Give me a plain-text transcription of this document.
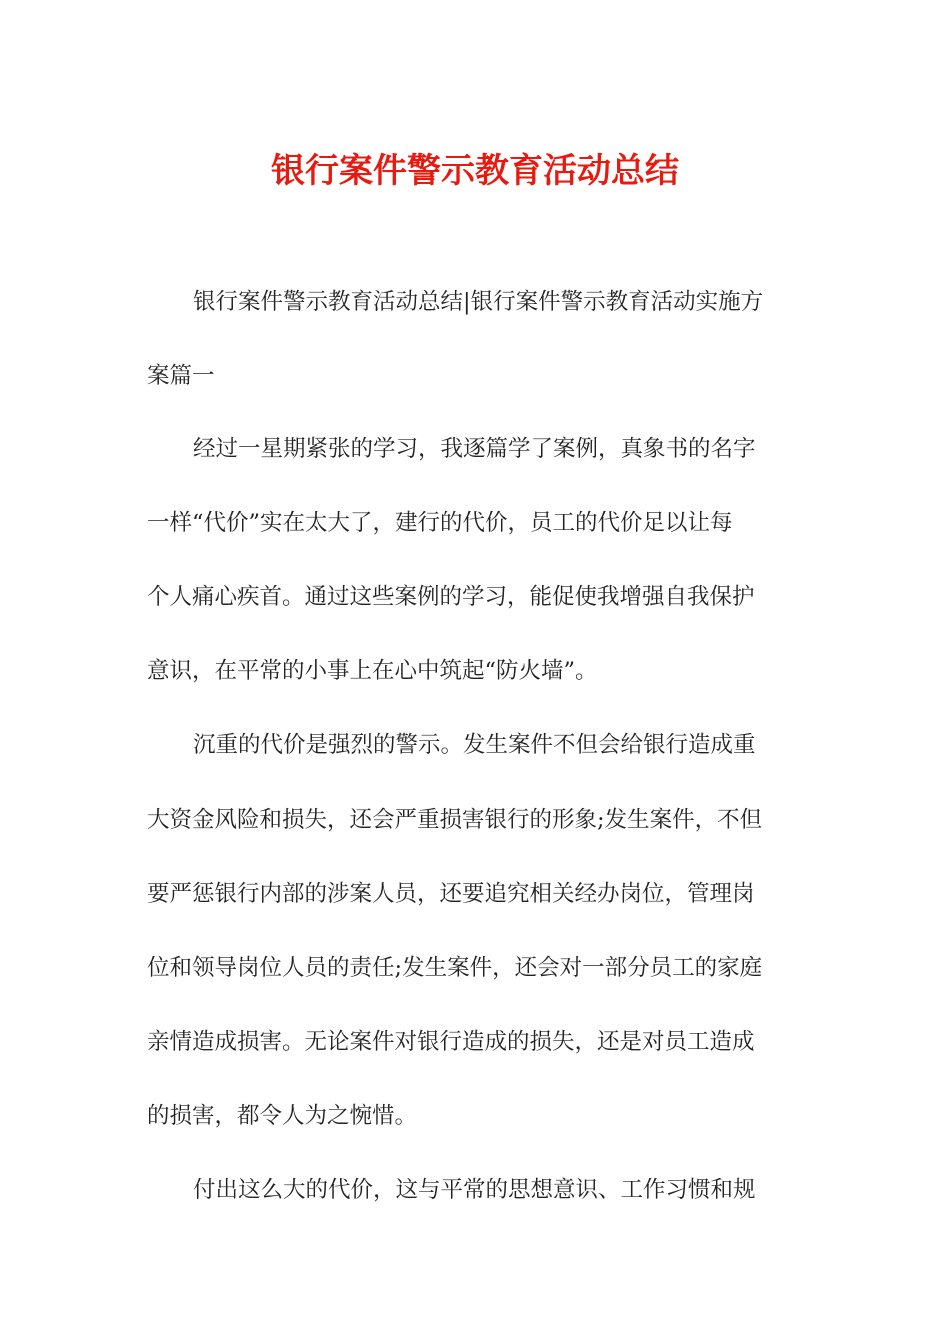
银行案件警示教育活动总结

银行案件警示教育活动总结|银行案件警示教育活动实施方

案篇一

经过一星期紧张的学习，我逐篇学了案例，真象书的名字

一样“代价”实在太大了，建行的代价，员工的代价足以让每

个人痛心疾首。通过这些案例的学习，能促使我增强自我保护

意识，在平常的小事上在心中筑起“防火墙”。

沉重的代价是强烈的警示。发生案件不但会给银行造成重

大资金风险和损失，还会严重损害银行的形象;发生案件，不但

要严惩银行内部的涉案人员，还要追究相关经办岗位，管理岗

位和领导岗位人员的责任;发生案件，还会对一部分员工的家庭

亲情造成损害。无论案件对银行造成的损失，还是对员工造成

的损害，都令人为之惋惜。

付出这么大的代价，这与平常的思想意识、工作习惯和规
